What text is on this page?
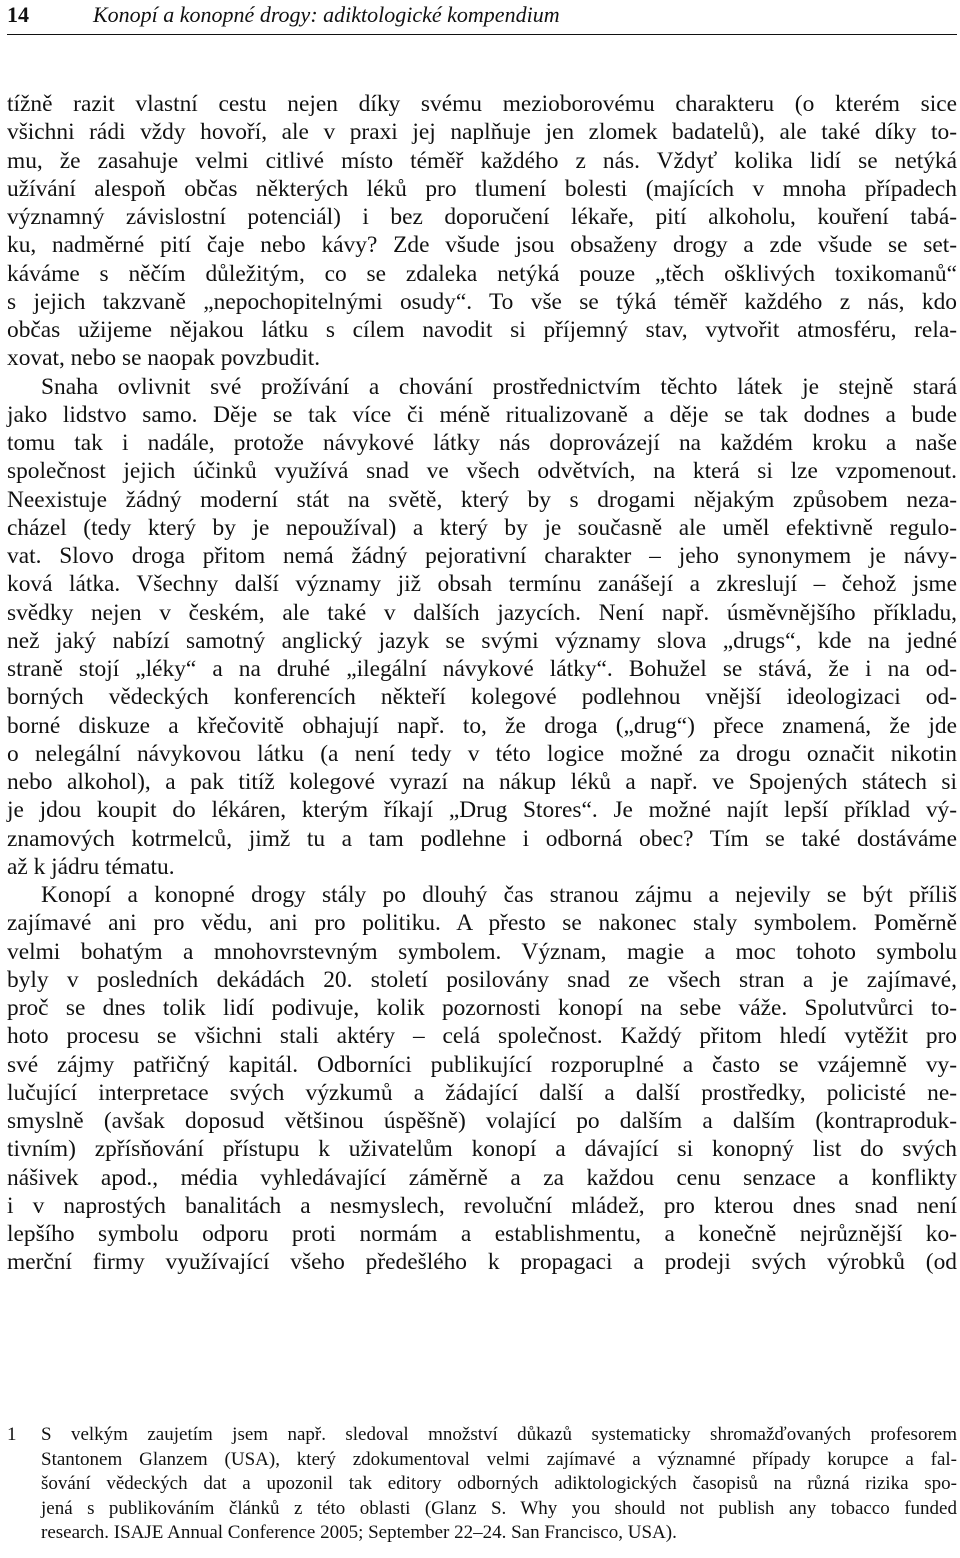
14	Konopí a konopné drogy: adiktologické kompendium
tížně razit vlastní cestu nejen díky svému mezioborovému charakteru (o kterém sice
všichni rádi vždy hovoří, ale v praxi jej naplňuje jen zlomek badatelů), ale také díky to-
mu, že zasahuje velmi citlivé místo téměř každého z nás. Vždyť kolika lidí se netýká
užívání alespoň občas některých léků pro tlumení bolesti (majících v mnoha případech
významný závislostní potenciál) i bez doporučení lékaře, pití alkoholu, kouření tabá-
ku, nadměrné pití čaje nebo kávy? Zde všude jsou obsaženy drogy a zde všude se set-
káváme s něčím důležitým, co se zdaleka netýká pouze „těch ošklivých toxikomanů“
s jejich takzvaně „nepochopitelnými osudy“. To vše se týká téměř každého z nás, kdo
občas užijeme nějakou látku s cílem navodit si příjemný stav, vytvořit atmosféru, rela-
xovat, nebo se naopak povzbudit.
Snaha ovlivnit své prožívání a chování prostřednictvím těchto látek je stejně stará
jako lidstvo samo. Děje se tak více či méně ritualizovaně a děje se tak dodnes a bude
tomu tak i nadále, protože návykové látky nás doprovázejí na každém kroku a naše
společnost jejich účinků využívá snad ve všech odvětvích, na která si lze vzpomenout.
Neexistuje žádný moderní stát na světě, který by s drogami nějakým způsobem neza-
cházel (tedy který by je nepoužíval) a který by je současně ale uměl efektivně regulo-
vat. Slovo droga přitom nemá žádný pejorativní charakter – jeho synonymem je návy-
ková látka. Všechny další významy již obsah termínu zanášejí a zkreslují – čehož jsme
svědky nejen v českém, ale také v dalších jazycích. Není např. úsměvnějšího příkladu,
než jaký nabízí samotný anglický jazyk se svými významy slova „drugs“, kde na jedné
straně stojí „léky“ a na druhé „ilegální návykové látky“. Bohužel se stává, že i na od-
borných vědeckých konferencích někteří kolegové podlehnou vnější ideologizaci od-
borné diskuze a křečovitě obhajují např. to, že droga („drug“) přece znamená, že jde
o nelegální návykovou látku (a není tedy v této logice možné za drogu označit nikotin
nebo alkohol), a pak titíž kolegové vyrazí na nákup léků a např. ve Spojených státech si
je jdou koupit do lékáren, kterým říkají „Drug Stores“. Je možné najít lepší příklad vý-
znamových kotrmelců, jimž tu a tam podlehne i odborná obec? Tím se také dostáváme
až k jádru tématu.
Konopí a konopné drogy stály po dlouhý čas stranou zájmu a nejevily se být příliš
zajímavé ani pro vědu, ani pro politiku. A přesto se nakonec staly symbolem. Poměrně
velmi bohatým a mnohovrstevným symbolem. Význam, magie a moc tohoto symbolu
byly v posledních dekádách 20. století posilovány snad ze všech stran a je zajímavé,
proč se dnes tolik lidí podivuje, kolik pozornosti konopí na sebe váže. Spolutvůrci to-
hoto procesu se všichni stali aktéry – celá společnost. Každý přitom hledí vytěžit pro
své zájmy patřičný kapitál. Odborníci publikující rozporuplné a často se vzájemně vy-
lučující interpretace svých výzkumů a žádající další a další prostředky, policisté ne-
smyslně (avšak doposud většinou úspěšně) volající po dalším a dalším (kontraproduk-
tivním) zpřísňování přístupu k uživatelům konopí a dávající si konopný list do svých
nášivek apod., média vyhledávající záměrně a za každou cenu senzace a konflikty
i v naprostých banalitách a nesmyslech, revoluční mládež, pro kterou dnes snad není
lepšího symbolu odporu proti normám a establishmentu, a konečně nejrůznější ko-
merční firmy využívající všeho předešlého k propagaci a prodeji svých výrobků (od
1 S velkým zaujetím jsem např. sledoval množství důkazů systematicky shromažďovaných profesorem
Stantonem Glanzem (USA), který zdokumentoval velmi zajímavé a významné případy korupce a fal-
šování vědeckých dat a upozonil tak editory odborných adiktologických časopisů na různá rizika spo-
jená s publikováním článků z této oblasti (Glanz S. Why you should not publish any tobacco funded
research. ISAJE Annual Conference 2005; September 22–24. San Francisco, USA).
